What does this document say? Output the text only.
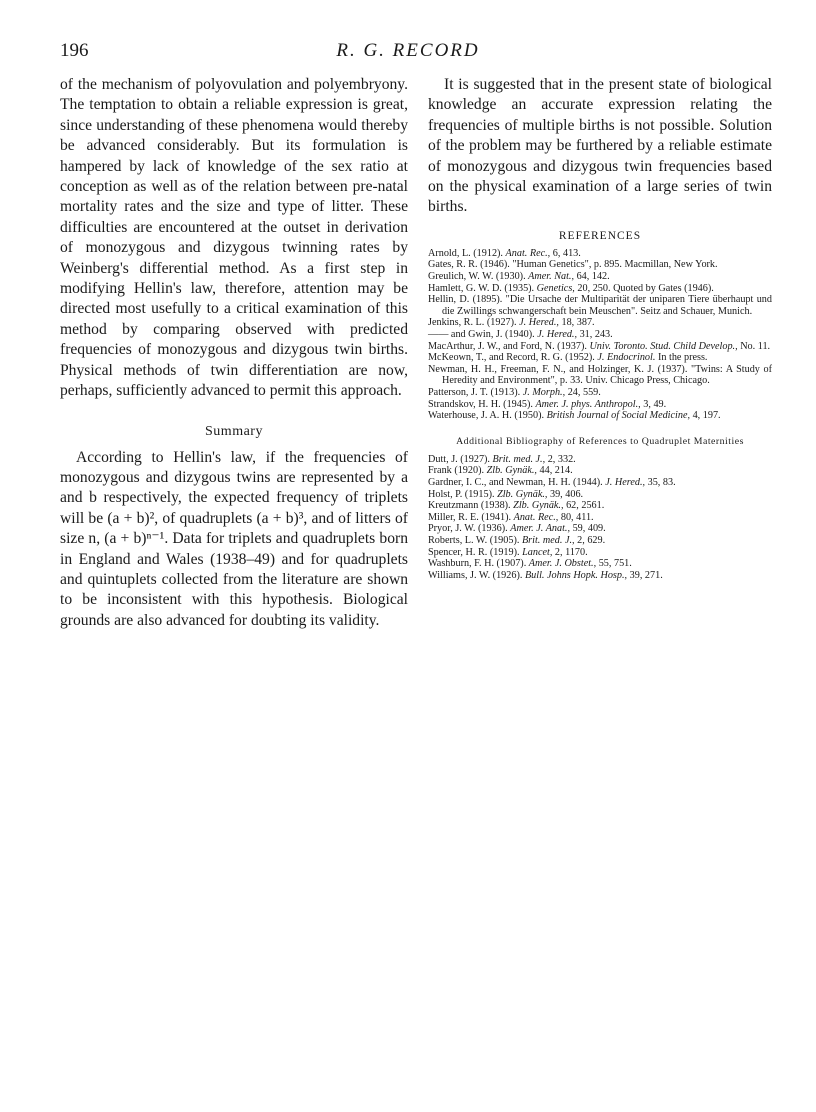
196	R. G. RECORD

of the mechanism of polyovulation and polyembryony. The temptation to obtain a reliable expression is great, since understanding of these phenomena would thereby be advanced considerably. But its formulation is hampered by lack of knowledge of the sex ratio at conception as well as of the relation between pre-natal mortality rates and the size and type of litter. These difficulties are encountered at the outset in derivation of monozygous and dizygous twinning rates by Weinberg's differential method. As a first step in modifying Hellin's law, therefore, attention may be directed most usefully to a critical examination of this method by comparing observed with predicted frequencies of monozygous and dizygous twin births. Physical methods of twin differentiation are now, perhaps, sufficiently advanced to permit this approach.

Summary

According to Hellin's law, if the frequencies of monozygous and dizygous twins are represented by a and b respectively, the expected frequency of triplets will be (a + b)², of quadruplets (a + b)³, and of litters of size n, (a + b)ⁿ⁻¹. Data for triplets and quadruplets born in England and Wales (1938–49) and for quadruplets and quintuplets collected from the literature are shown to be inconsistent with this hypothesis. Biological grounds are also advanced for doubting its validity.

It is suggested that in the present state of biological knowledge an accurate expression relating the frequencies of multiple births is not possible. Solution of the problem may be furthered by a reliable estimate of monozygous and dizygous twin frequencies based on the physical examination of a large series of twin births.

REFERENCES
Arnold, L. (1912). Anat. Rec., 6, 413.
Gates, R. R. (1946). "Human Genetics", p. 895. Macmillan, New York.
Greulich, W. W. (1930). Amer. Nat., 64, 142.
Hamlett, G. W. D. (1935). Genetics, 20, 250. Quoted by Gates (1946).
Hellin, D. (1895). "Die Ursache der Multiparität der uniparen Tiere überhaupt und die Zwillings schwangerschaft bein Meuschen". Seitz and Schauer, Munich.
Jenkins, R. L. (1927). J. Hered., 18, 387.
—— and Gwin, J. (1940). J. Hered., 31, 243.
MacArthur, J. W., and Ford, N. (1937). Univ. Toronto. Stud. Child Develop., No. 11.
McKeown, T., and Record, R. G. (1952). J. Endocrinol. In the press.
Newman, H. H., Freeman, F. N., and Holzinger, K. J. (1937). "Twins: A Study of Heredity and Environment", p. 33. Univ. Chicago Press, Chicago.
Patterson, J. T. (1913). J. Morph., 24, 559.
Strandskov, H. H. (1945). Amer. J. phys. Anthropol., 3, 49.
Waterhouse, J. A. H. (1950). British Journal of Social Medicine, 4, 197.
Additional Bibliography of References to Quadruplet Maternities
Dutt, J. (1927). Brit. med. J., 2, 332.
Frank (1920). Zlb. Gynäk., 44, 214.
Gardner, I. C., and Newman, H. H. (1944). J. Hered., 35, 83.
Holst, P. (1915). Zlb. Gynäk., 39, 406.
Kreutzmann (1938). Zlb. Gynäk., 62, 2561.
Miller, R. E. (1941). Anat. Rec., 80, 411.
Pryor, J. W. (1936). Amer. J. Anat., 59, 409.
Roberts, L. W. (1905). Brit. med. J., 2, 629.
Spencer, H. R. (1919). Lancet, 2, 1170.
Washburn, F. H. (1907). Amer. J. Obstet., 55, 751.
Williams, J. W. (1926). Bull. Johns Hopk. Hosp., 39, 271.
